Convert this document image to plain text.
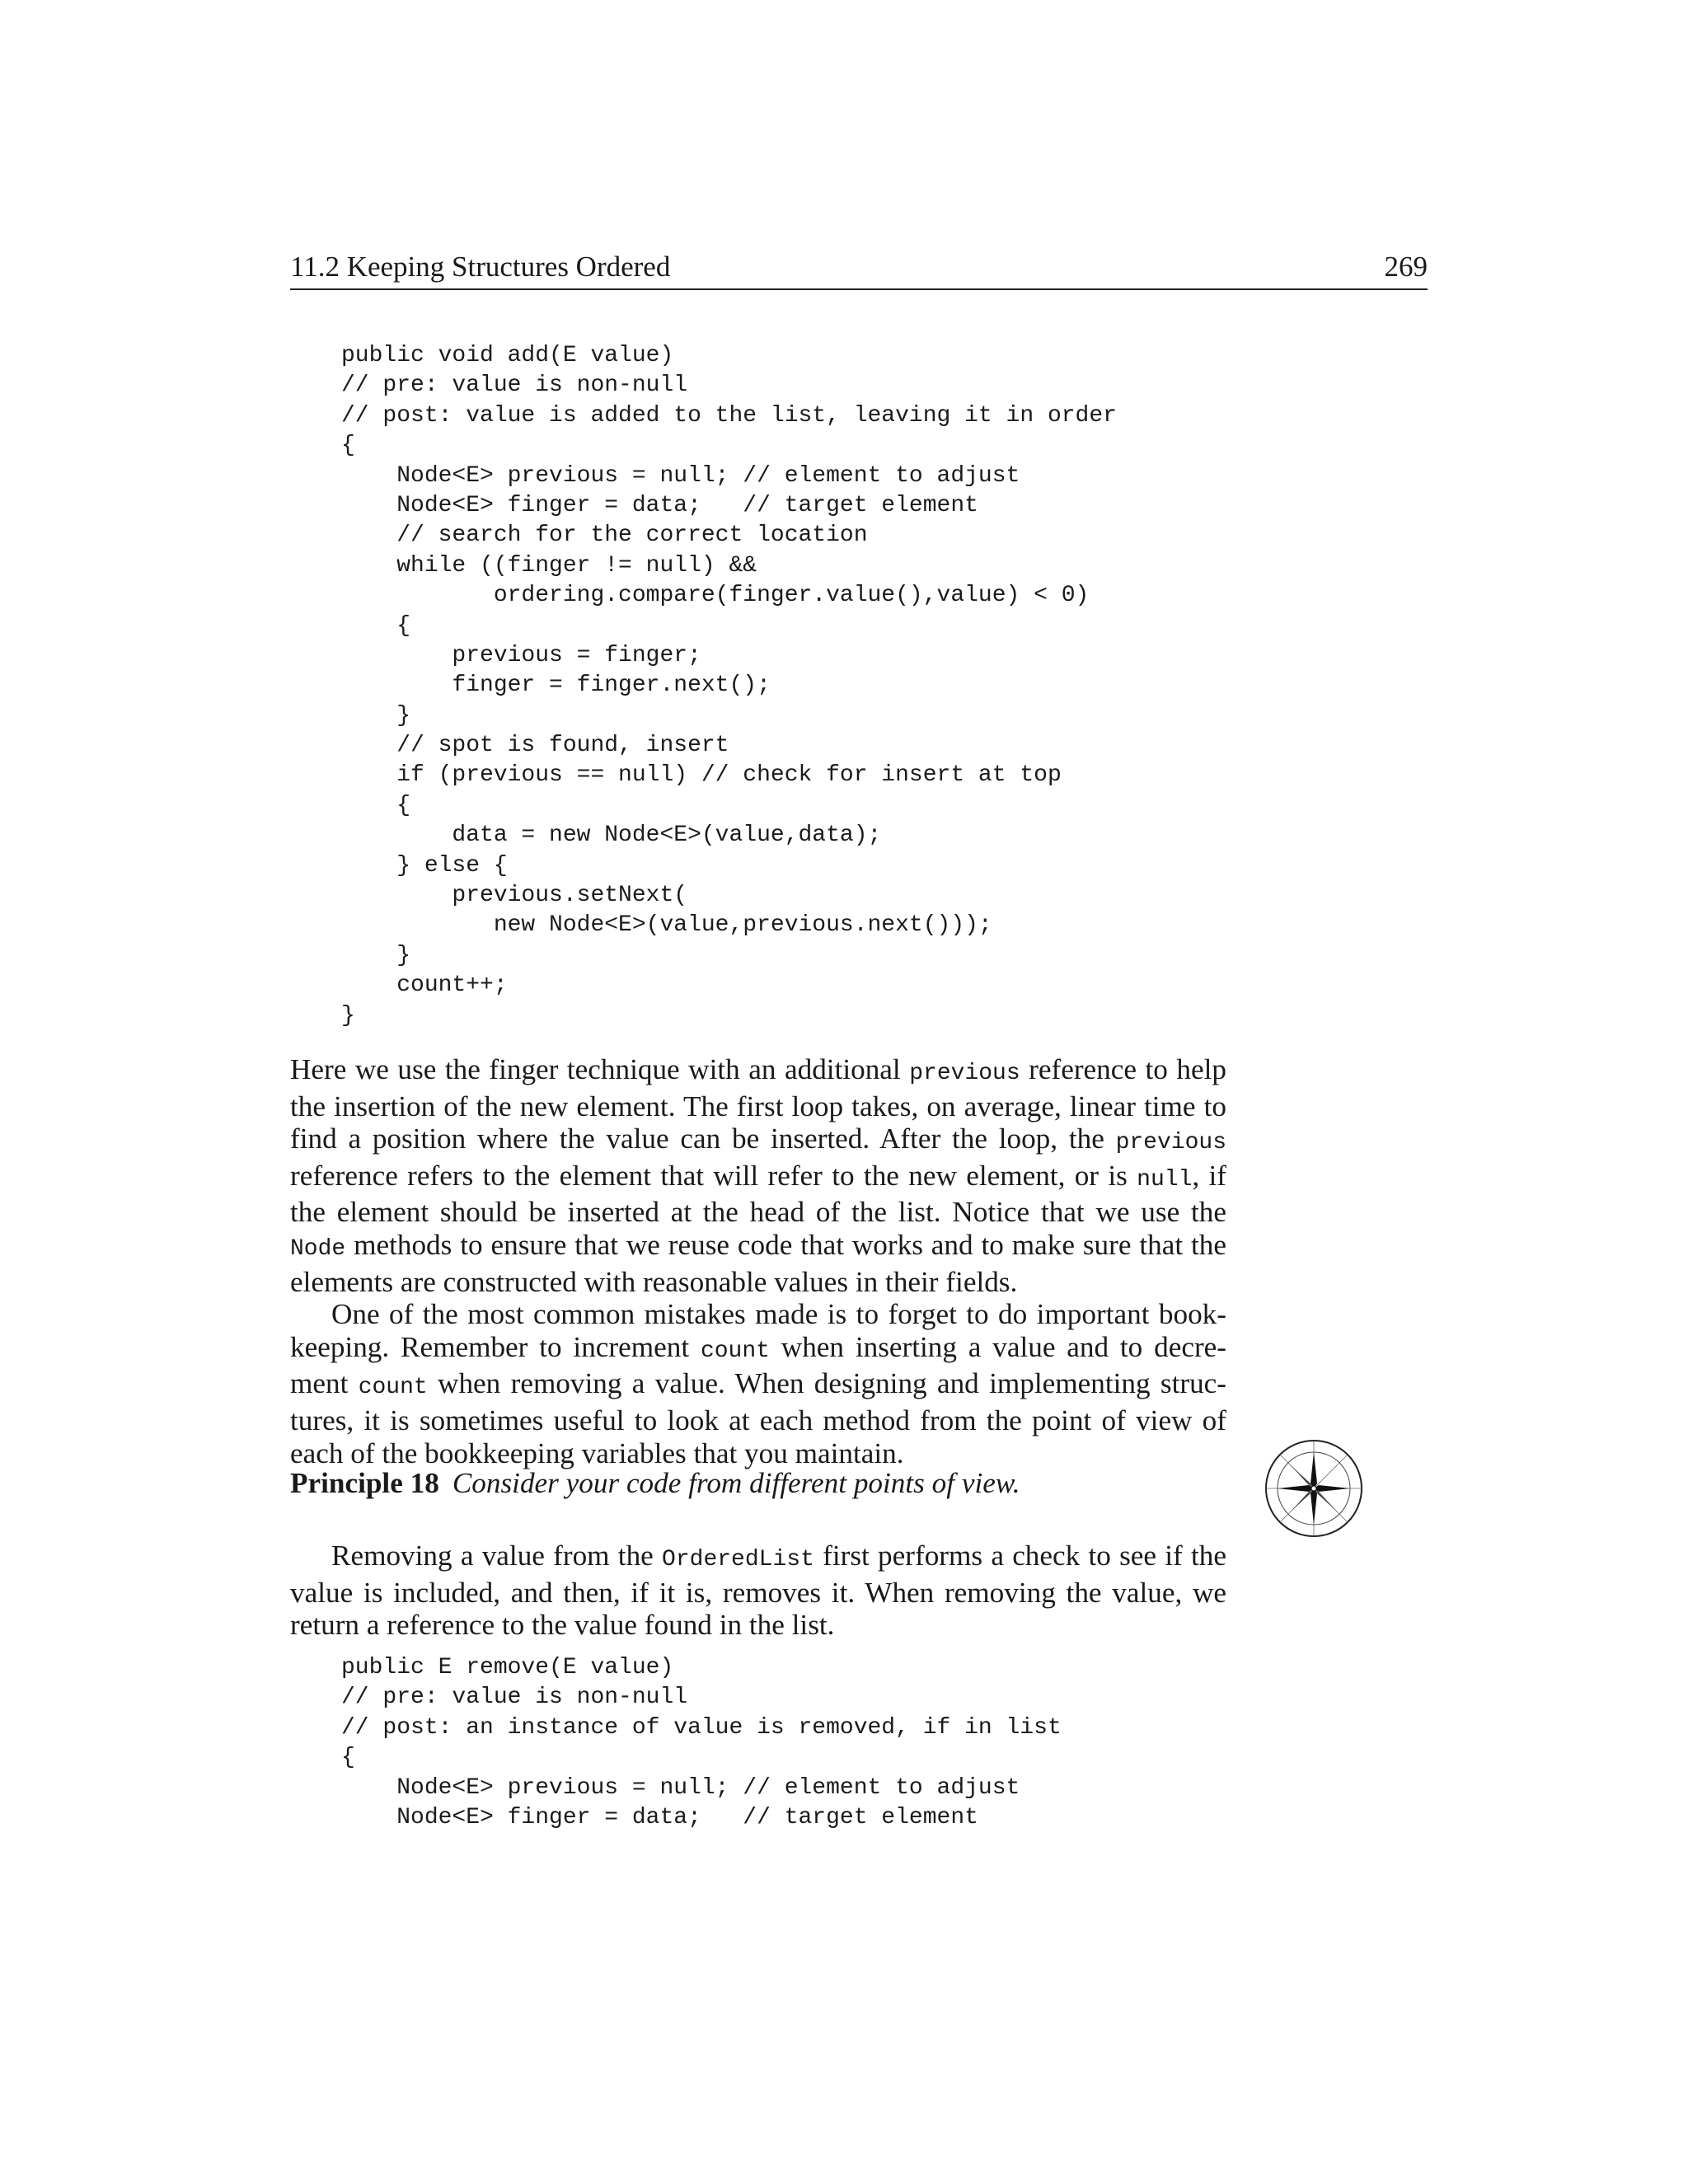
11.2 Keeping Structures Ordered	269
public void add(E value)
// pre: value is non-null
// post: value is added to the list, leaving it in order
{
Node<E> previous = null; // element to adjust
Node<E> finger = data;   // target element
// search for the correct location
while ((finger != null) &&
ordering.compare(finger.value(),value) < 0)
{
previous = finger;
finger = finger.next();
}
// spot is found, insert
if (previous == null) // check for insert at top
{
data = new Node<E>(value,data);
} else {
previous.setNext(
new Node<E>(value,previous.next()));
}
count++;
}

Here we use the finger technique with an additional previous reference to help the insertion of the new element. The first loop takes, on average, linear time to find a position where the value can be inserted. After the loop, the previous reference refers to the element that will refer to the new element, or is null, if the element should be inserted at the head of the list. Notice that we use the Node methods to ensure that we reuse code that works and to make sure that the elements are constructed with reasonable values in their fields.

One of the most common mistakes made is to forget to do important bookkeeping. Remember to increment count when inserting a value and to decrement count when removing a value. When designing and implementing structures, it is sometimes useful to look at each method from the point of view of each of the bookkeeping variables that you maintain.

Principle 18 Consider your code from different points of view.

Removing a value from the OrderedList first performs a check to see if the value is included, and then, if it is, removes it. When removing the value, we return a reference to the value found in the list.

public E remove(E value)
// pre: value is non-null
// post: an instance of value is removed, if in list
{
Node<E> previous = null; // element to adjust
Node<E> finger = data;   // target element
